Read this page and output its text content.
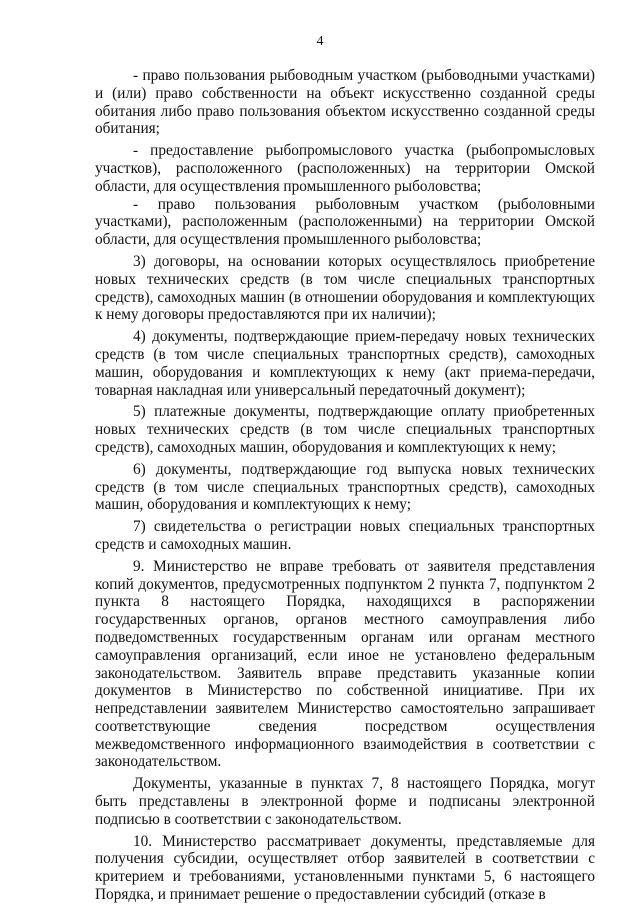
4

- право пользования рыбоводным участком (рыбоводными участками) и (или) право собственности на объект искусственно созданной среды обитания либо право пользования объектом искусственно созданной среды обитания;

- предоставление рыбопромыслового участка (рыбопромысловых участков), расположенного (расположенных) на территории Омской области, для осуществления промышленного рыболовства;

- право пользования рыболовным участком (рыболовными участками), расположенным (расположенными) на территории Омской области, для осуществления промышленного рыболовства;

3) договоры, на основании которых осуществлялось приобретение новых технических средств (в том числе специальных транспортных средств), самоходных машин (в отношении оборудования и комплектующих к нему договоры предоставляются при их наличии);

4) документы, подтверждающие прием-передачу новых технических средств (в том числе специальных транспортных средств), самоходных машин, оборудования и комплектующих к нему (акт приема-передачи, товарная накладная или универсальный передаточный документ);

5) платежные документы, подтверждающие оплату приобретенных новых технических средств (в том числе специальных транспортных средств), самоходных машин, оборудования и комплектующих к нему;

6) документы, подтверждающие год выпуска новых технических средств (в том числе специальных транспортных средств), самоходных машин, оборудования и комплектующих к нему;

7) свидетельства о регистрации новых специальных транспортных средств и самоходных машин.

9. Министерство не вправе требовать от заявителя представления копий документов, предусмотренных подпунктом 2 пункта 7, подпунктом 2 пункта 8 настоящего Порядка, находящихся в распоряжении государственных органов, органов местного самоуправления либо подведомственных государственным органам или органам местного самоуправления организаций, если иное не установлено федеральным законодательством. Заявитель вправе представить указанные копии документов в Министерство по собственной инициативе. При их непредставлении заявителем Министерство самостоятельно запрашивает соответствующие сведения посредством осуществления межведомственного информационного взаимодействия в соответствии с законодательством.

Документы, указанные в пунктах 7, 8 настоящего Порядка, могут быть представлены в электронной форме и подписаны электронной подписью в соответствии с законодательством.

10. Министерство рассматривает документы, представляемые для получения субсидии, осуществляет отбор заявителей в соответствии с критерием и требованиями, установленными пунктами 5, 6 настоящего Порядка, и принимает решение о предоставлении субсидий (отказе в
